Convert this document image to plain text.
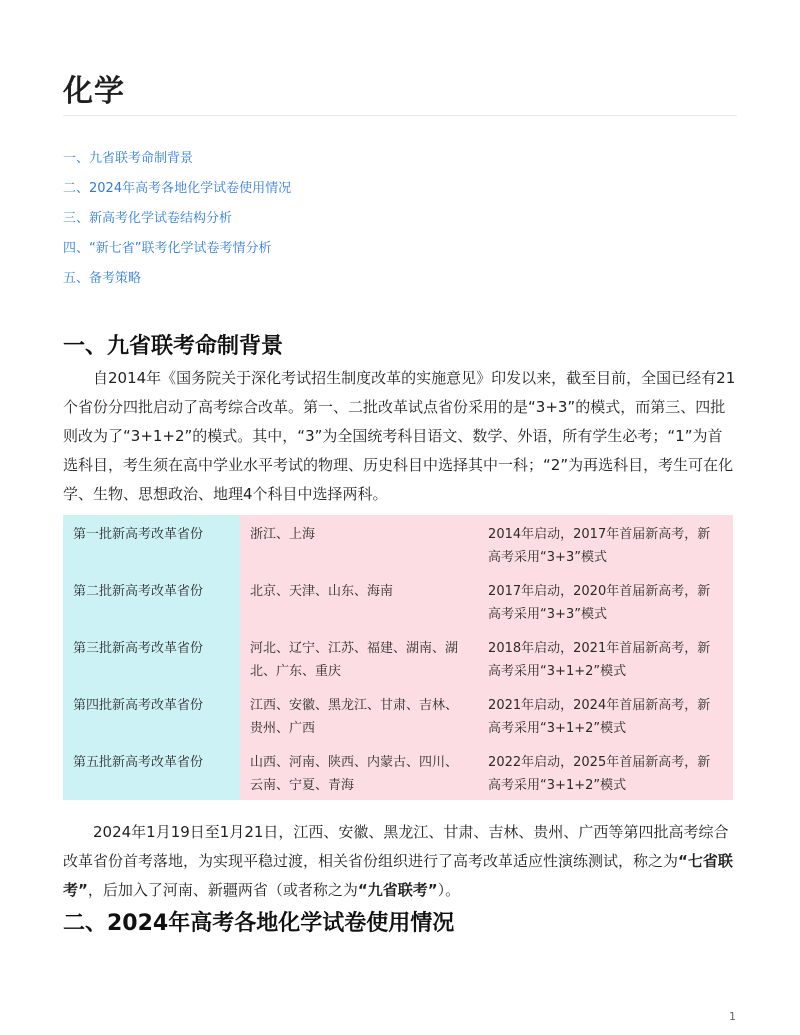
化学
一、九省联考命制背景
二、2024年高考各地化学试卷使用情况
三、新高考化学试卷结构分析
四、“新七省”联考化学试卷考情分析
五、备考策略
一、九省联考命制背景

自2014年《国务院关于深化考试招生制度改革的实施意见》印发以来，截至目前，全国已经有21个省份分四批启动了高考综合改革。第一、二批改革试点省份采用的是“3+3”的模式，而第三、四批则改为了“3+1+2”的模式。其中，“3”为全国统考科目语文、数学、外语，所有学生必考；“1”为首选科目，考生须在高中学业水平考试的物理、历史科目中选择其中一科；“2”为再选科目，考生可在化学、生物、思想政治、地理4个科目中选择两科。

第一批新高考改革省份	浙江、上海	2014年启动，2017年首届新高考，新高考采用“3+3”模式
第二批新高考改革省份	北京、天津、山东、海南	2017年启动，2020年首届新高考，新高考采用“3+3”模式
第三批新高考改革省份	河北、辽宁、江苏、福建、湖南、湖北、广东、重庆	2018年启动，2021年首届新高考，新高考采用“3+1+2”模式
第四批新高考改革省份	江西、安徽、黑龙江、甘肃、吉林、贵州、广西	2021年启动，2024年首届新高考，新高考采用“3+1+2”模式
第五批新高考改革省份	山西、河南、陕西、内蒙古、四川、云南、宁夏、青海	2022年启动，2025年首届新高考，新高考采用“3+1+2”模式

2024年1月19日至1月21日，江西、安徽、黑龙江、甘肃、吉林、贵州、广西等第四批高考综合改革省份首考落地，为实现平稳过渡，相关省份组织进行了高考改革适应性演练测试，称之为“七省联考”，后加入了河南、新疆两省（或者称之为“九省联考”）。

二、2024年高考各地化学试卷使用情况
1
